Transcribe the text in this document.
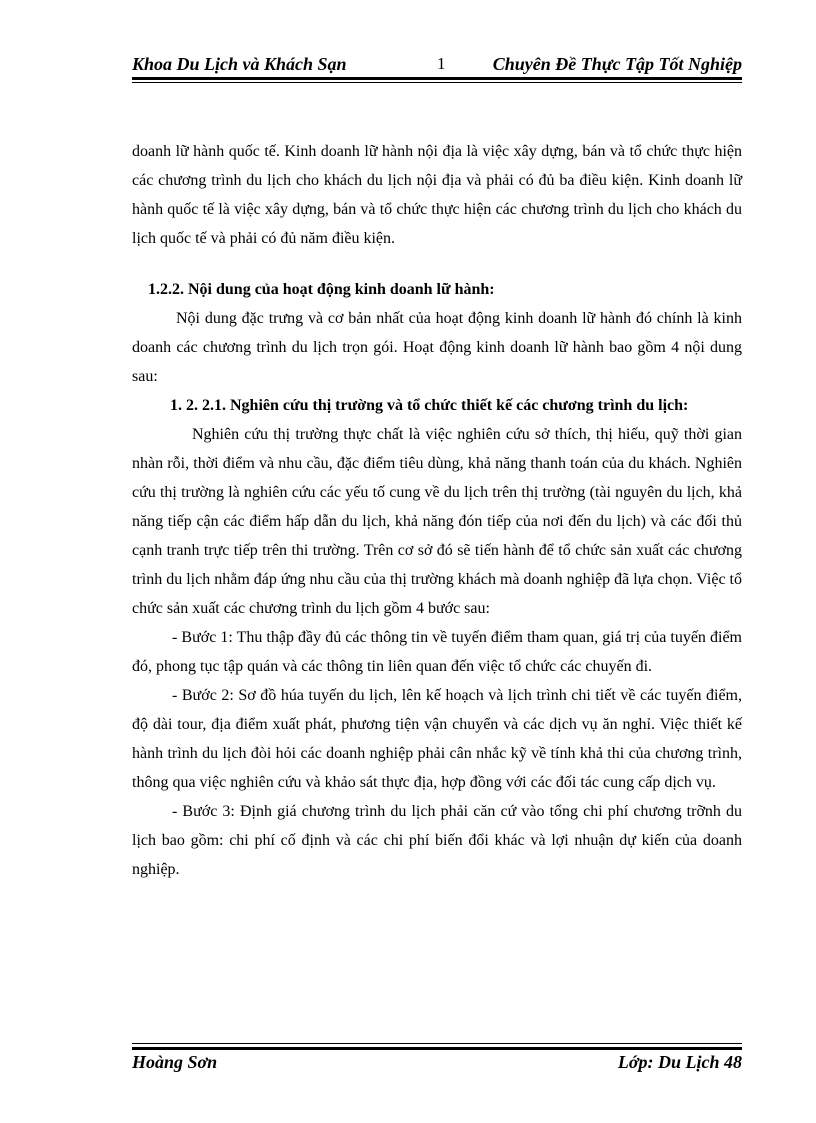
Khoa Du Lịch và Khách Sạn	1	Chuyên Đề Thực Tập Tốt Nghiệp

doanh lữ hành quốc tế. Kinh doanh lữ hành nội địa là việc xây dựng, bán và tổ chức thực hiện các chương trình du lịch cho khách du lịch nội địa và phải có đủ ba điều kiện. Kinh doanh lữ hành quốc tế là việc xây dựng, bán và tổ chức thực hiện các chương trình du lịch cho khách du lịch quốc tế và phải có đủ năm điều kiện.

1.2.2. Nội dung của hoạt động kinh doanh lữ hành:

Nội dung đặc trưng và cơ bản nhất của hoạt động kinh doanh lữ hành đó chính là kinh doanh các chương trình du lịch trọn gói. Hoạt động kinh doanh lữ hành bao gồm 4 nội dung sau:

1. 2. 2.1. Nghiên cứu thị trường và tổ chức thiết kế các chương trình du lịch:

Nghiên cứu thị trường thực chất là việc nghiên cứu sở thích, thị hiếu, quỹ thời gian nhàn rỗi, thời điểm và nhu cầu, đặc điểm tiêu dùng, khả năng thanh toán của du khách. Nghiên cứu thị trường là nghiên cứu các yếu tố cung về du lịch trên thị trường (tài nguyên du lịch, khả năng tiếp cận các điểm hấp dẫn du lịch, khả năng đón tiếp của nơi đến du lịch) và các đối thủ cạnh tranh trực tiếp trên thi trường. Trên cơ sở đó sẽ tiến hành để tổ chức sản xuất các chương trình du lịch nhằm đáp ứng nhu cầu của thị trường khách mà doanh nghiệp đã lựa chọn. Việc tổ chức sản xuất các chương trình du lịch gồm 4 bước sau:

- Bước 1: Thu thập đầy đủ các thông tin về tuyến điểm tham quan, giá trị của tuyến điểm đó, phong tục tập quán và các thông tin liên quan đến việc tổ chức các chuyến đi.

- Bước 2: Sơ đồ húa tuyến du lịch, lên kế hoạch và lịch trình chi tiết về các tuyến điểm, độ dài tour, địa điểm xuất phát, phương tiện vận chuyển và các dịch vụ ăn nghỉ. Việc thiết kế hành trình du lịch đòi hỏi các doanh nghiệp phải cân nhắc kỹ về tính khả thi của chương trình, thông qua việc nghiên cứu và khảo sát thực địa, hợp đồng với các đối tác cung cấp dịch vụ.

- Bước 3: Định giá chương trình du lịch phải căn cứ vào tổng chi phí chương trỡnh du lịch bao gồm: chi phí cố định và các chi phí biến đổi khác và lợi nhuận dự kiến của doanh nghiệp.

Hoàng Sơn	Lớp: Du Lịch 48
